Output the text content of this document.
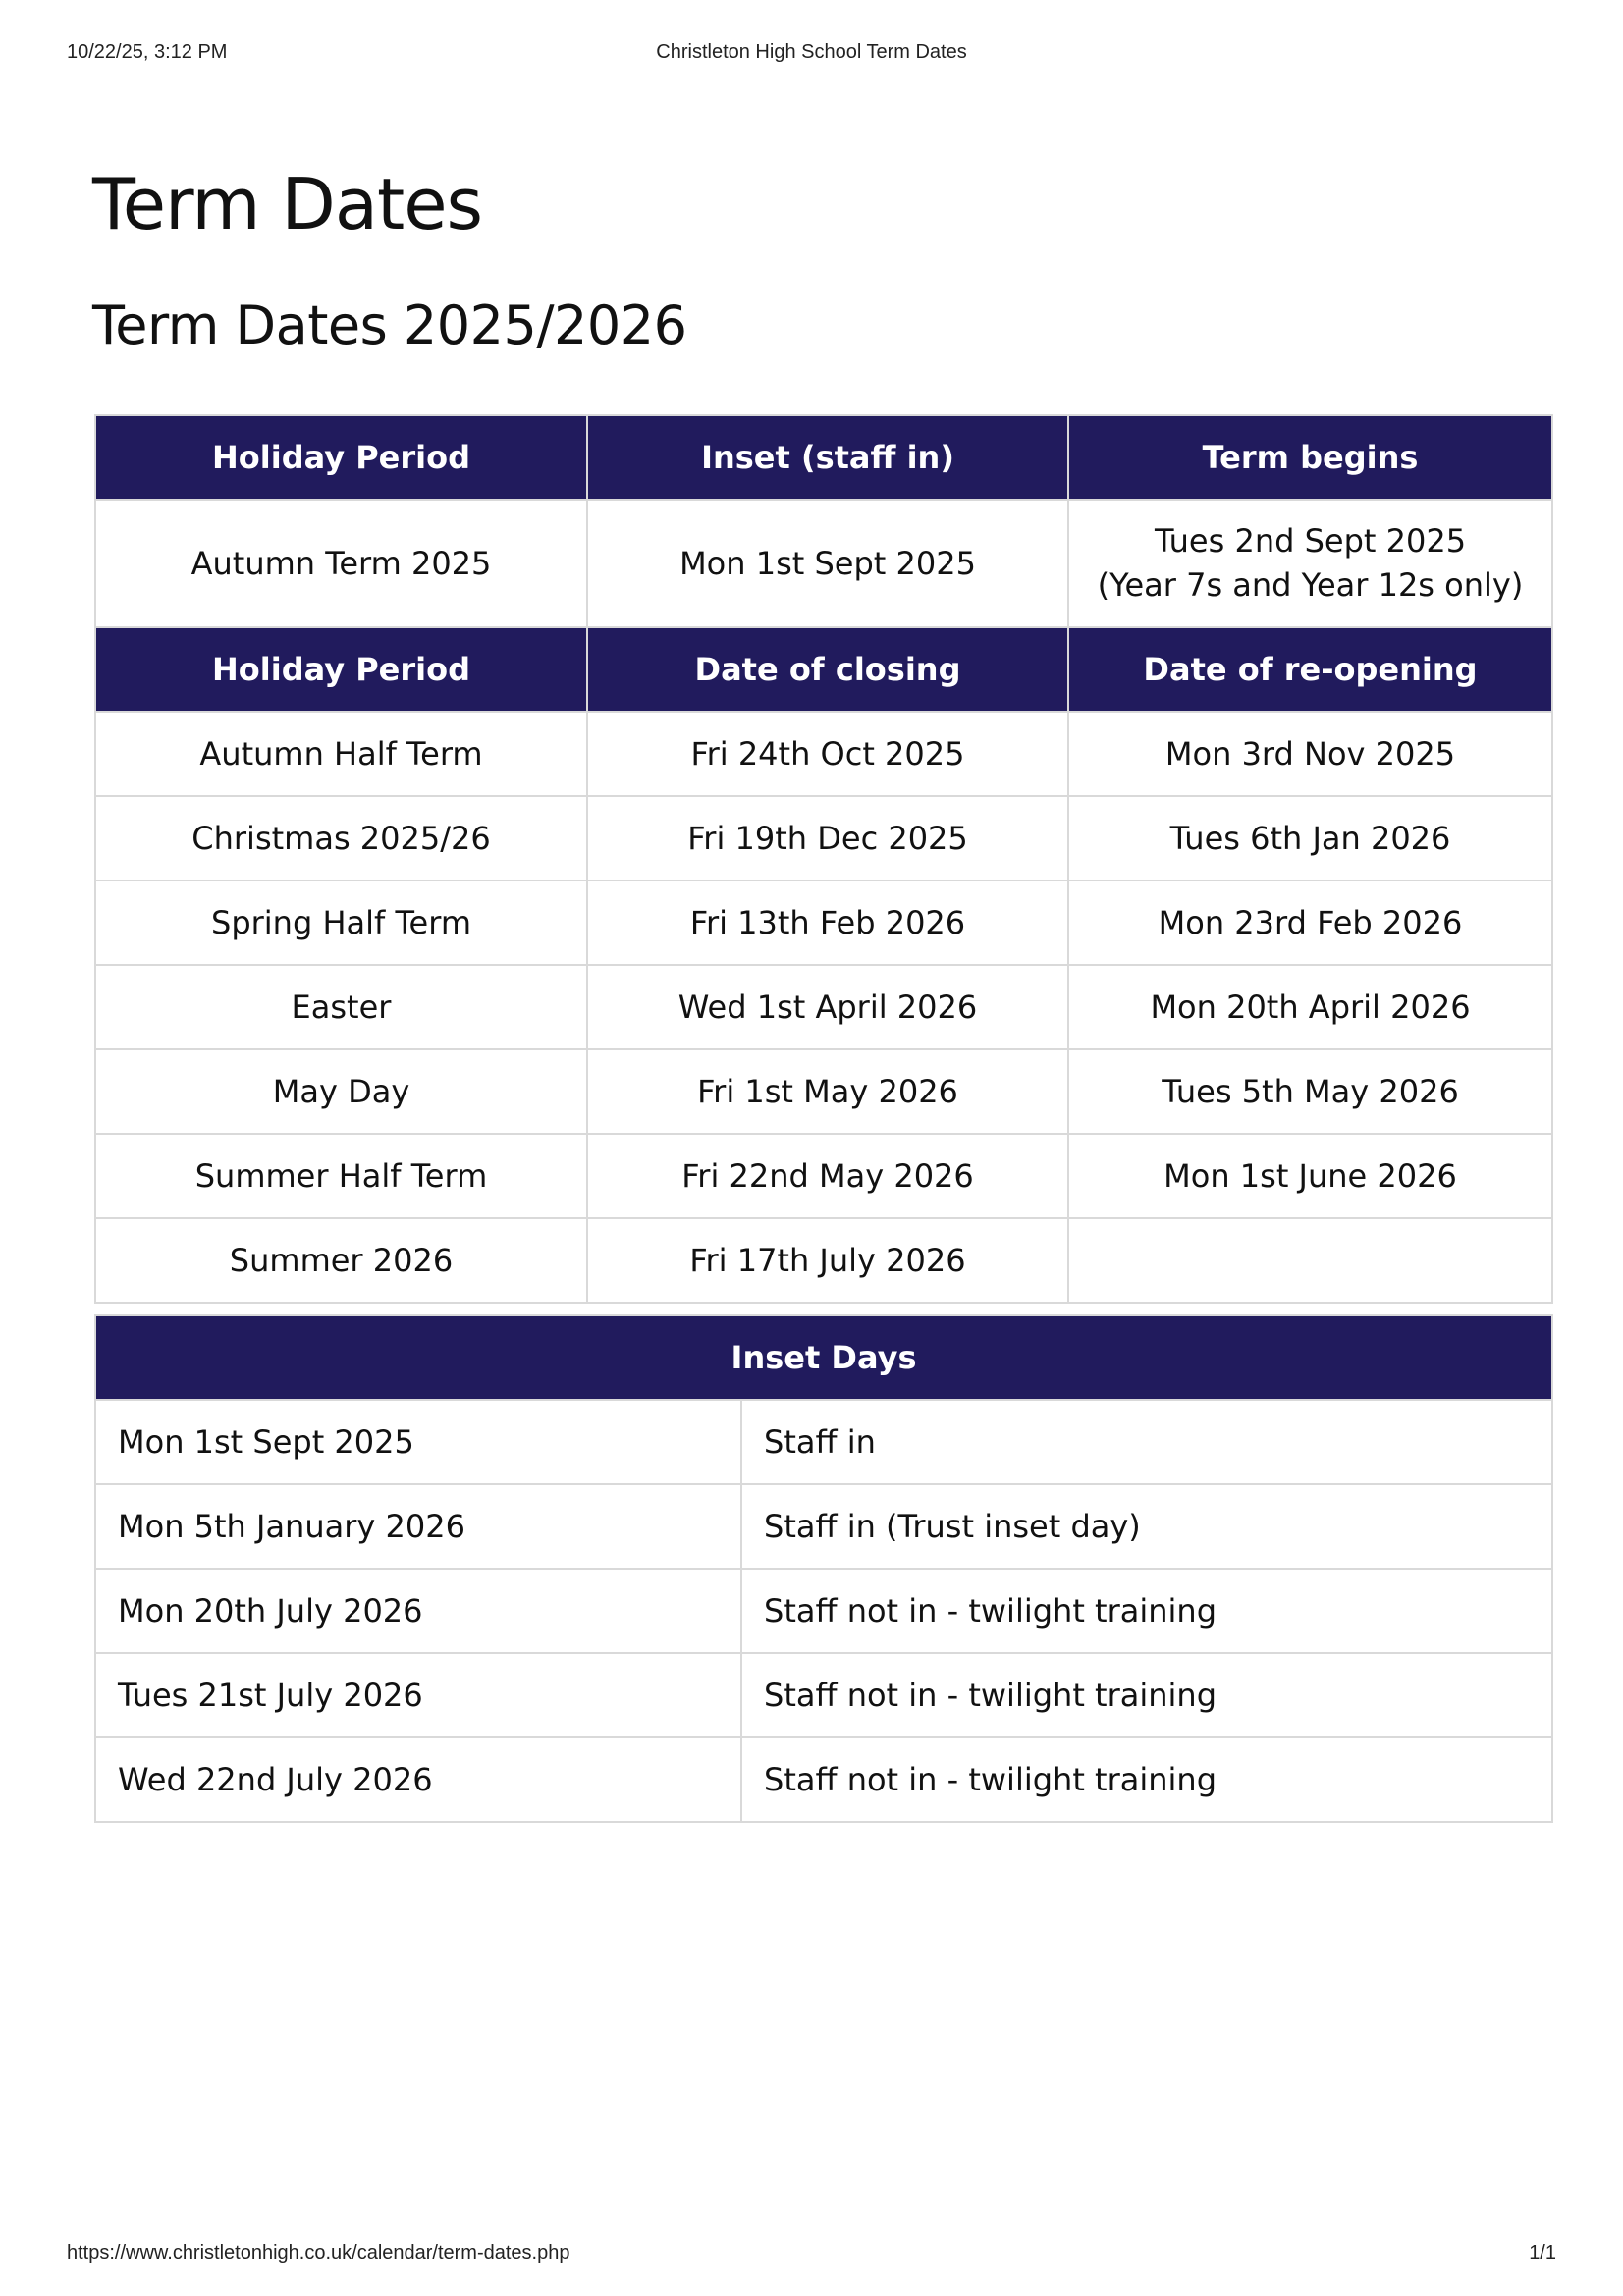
10/22/25, 3:12 PM	Christleton High School Term Dates
Term Dates
Term Dates 2025/2026
Holiday Period	Inset (staff in)	Term begins
Autumn Term 2025	Mon 1st Sept 2025	Tues 2nd Sept 2025
(Year 7s and Year 12s only)
Holiday Period	Date of closing	Date of re-opening
Autumn Half Term	Fri 24th Oct 2025	Mon 3rd Nov 2025
Christmas 2025/26	Fri 19th Dec 2025	Tues 6th Jan 2026
Spring Half Term	Fri 13th Feb 2026	Mon 23rd Feb 2026
Easter	Wed 1st April 2026	Mon 20th April 2026
May Day	Fri 1st May 2026	Tues 5th May 2026
Summer Half Term	Fri 22nd May 2026	Mon 1st June 2026
Summer 2026	Fri 17th July 2026	
Inset Days	
Mon 1st Sept 2025	Staff in
Mon 5th January 2026	Staff in (Trust inset day)
Mon 20th July 2026	Staff not in - twilight training
Tues 21st July 2026	Staff not in - twilight training
Wed 22nd July 2026	Staff not in - twilight training
https://www.christletonhigh.co.uk/calendar/term-dates.php	1/1
